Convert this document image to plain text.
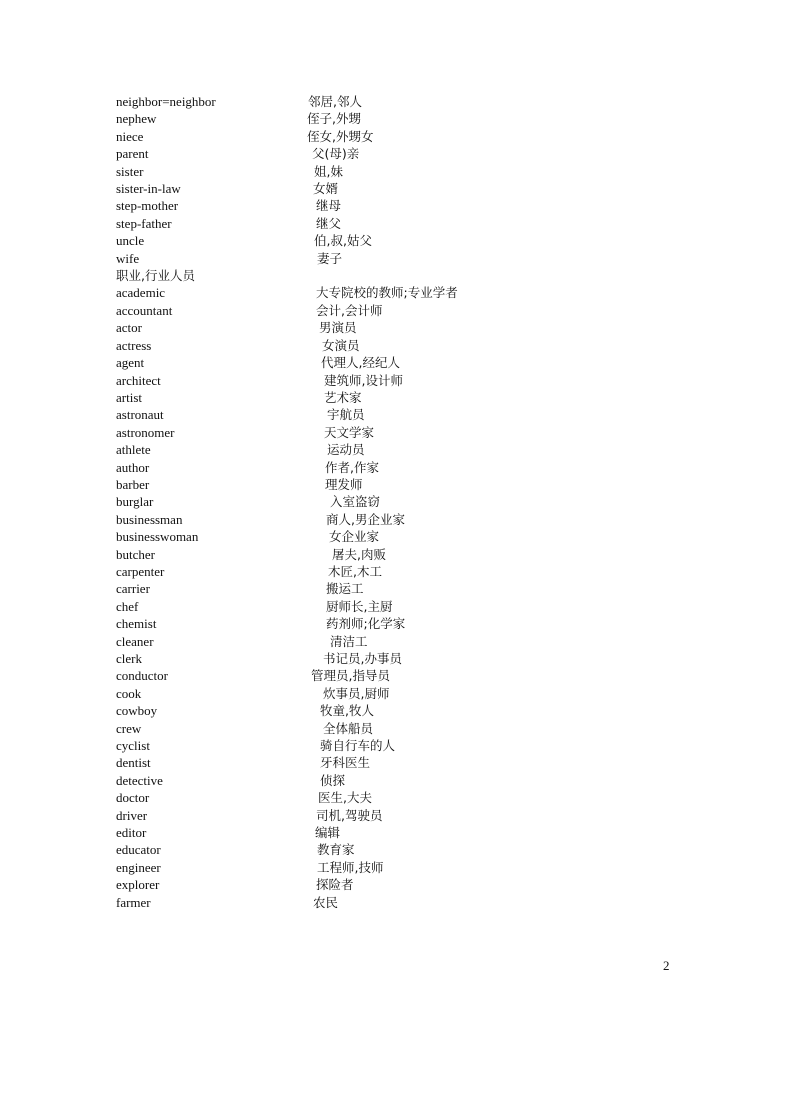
neighbor=neighbor	邻居,邻人
nephew	侄子,外甥
niece	侄女,外甥女
parent	父(母)亲
sister	姐,妹
sister-in-law	女婿
step-mother	继母
step-father	继父
uncle	伯,叔,姑父
wife	妻子
职业,行业人员
academic	大专院校的教师;专业学者
accountant	会计,会计师
actor	男演员
actress	女演员
agent	代理人,经纪人
architect	建筑师,设计师
artist	艺术家
astronaut	宇航员
astronomer	天文学家
athlete	运动员
author	作者,作家
barber	理发师
burglar	入室盗窃
businessman	商人,男企业家
businesswoman	女企业家
butcher	屠夫,肉贩
carpenter	木匠,木工
carrier	搬运工
chef	厨师长,主厨
chemist	药剂师;化学家
cleaner	清洁工
clerk	书记员,办事员
conductor	管理员,指导员
cook	炊事员,厨师
cowboy	牧童,牧人
crew	全体船员
cyclist	骑自行车的人
dentist	牙科医生
detective	侦探
doctor	医生,大夫
driver	司机,驾驶员
editor	编辑
educator	教育家
engineer	工程师,技师
explorer	探险者
farmer	农民
2
